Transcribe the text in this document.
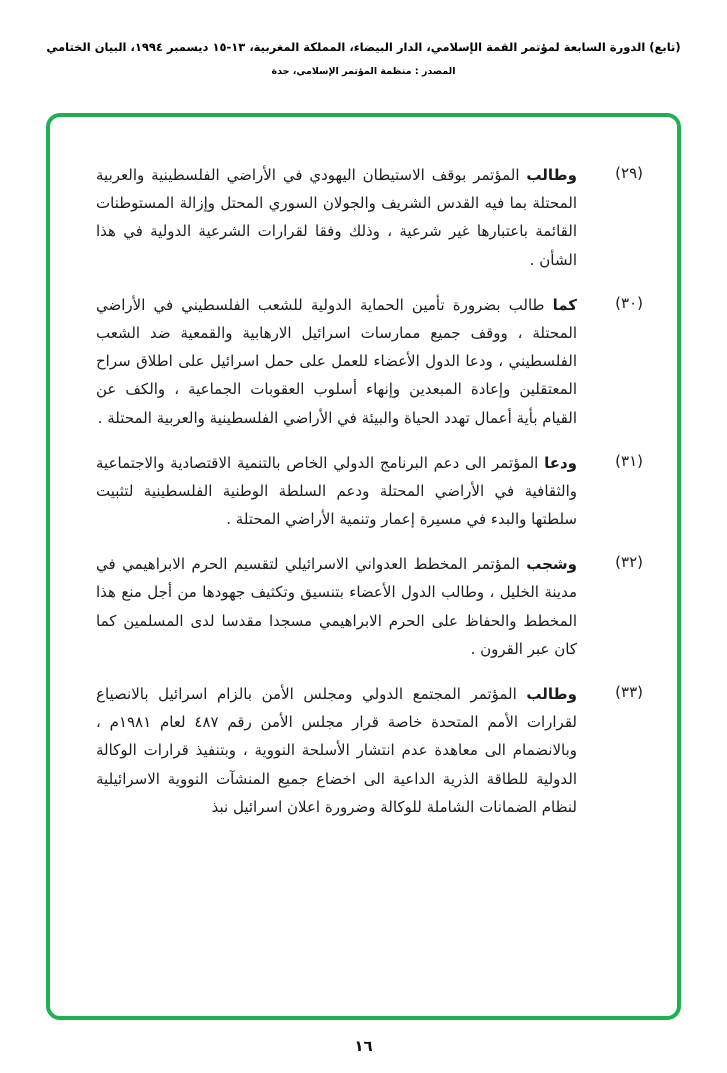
(تابع) الدورة السابعة لمؤتمر القمة الإسلامي، الدار البيضاء، المملكة المغربية، ١٣-١٥ ديسمبر ١٩٩٤، البيان الختامي
المصدر : منظمة المؤتمر الإسلامي، جدة
(٢٩)

وطالب المؤتمر بوقف الاستيطان اليهودي في الأراضي الفلسطينية والعربية المحتلة بما فيه القدس الشريف والجولان السوري المحتل وإزالة المستوطنات القائمة باعتبارها غير شرعية ، وذلك وفقا لقرارات الشرعية الدولية في هذا الشأن .

(٣٠)

كما طالب بضرورة تأمين الحماية الدولية للشعب الفلسطيني في الأراضي المحتلة ، ووقف جميع ممارسات اسرائيل الارهابية والقمعية ضد الشعب الفلسطيني ، ودعا الدول الأعضاء للعمل على حمل اسرائيل على اطلاق سراح المعتقلين وإعادة المبعدين وإنهاء أسلوب العقوبات الجماعية ، والكف عن القيام بأية أعمال تهدد الحياة والبيئة في الأراضي الفلسطينية والعربية المحتلة .

(٣١)

ودعا المؤتمر الى دعم البرنامج الدولي الخاص بالتنمية الاقتصادية والاجتماعية والثقافية في الأراضي المحتلة ودعم السلطة الوطنية الفلسطينية لتثبيت سلطتها والبدء في مسيرة إعمار وتنمية الأراضي المحتلة .

(٣٢)

وشجب المؤتمر المخطط العدواني الاسرائيلي لتقسيم الحرم الابراهيمي في مدينة الخليل ، وطالب الدول الأعضاء بتنسيق وتكثيف جهودها من أجل منع هذا المخطط والحفاظ على الحرم الابراهيمي مسجدا مقدسا لدى المسلمين كما كان عبر القرون .

(٣٣)

وطالب المؤتمر المجتمع الدولي ومجلس الأمن بالزام اسرائيل بالانصياع لقرارات الأمم المتحدة خاصة قرار مجلس الأمن رقم ٤٨٧ لعام ١٩٨١م ، وبالانضمام الى معاهدة عدم انتشار الأسلحة النووية ، وبتنفيذ قرارات الوكالة الدولية للطاقة الذرية الداعية الى اخضاع جميع المنشآت النووية الاسرائيلية لنظام الضمانات الشاملة للوكالة وضرورة اعلان اسرائيل نبذ

١٦
